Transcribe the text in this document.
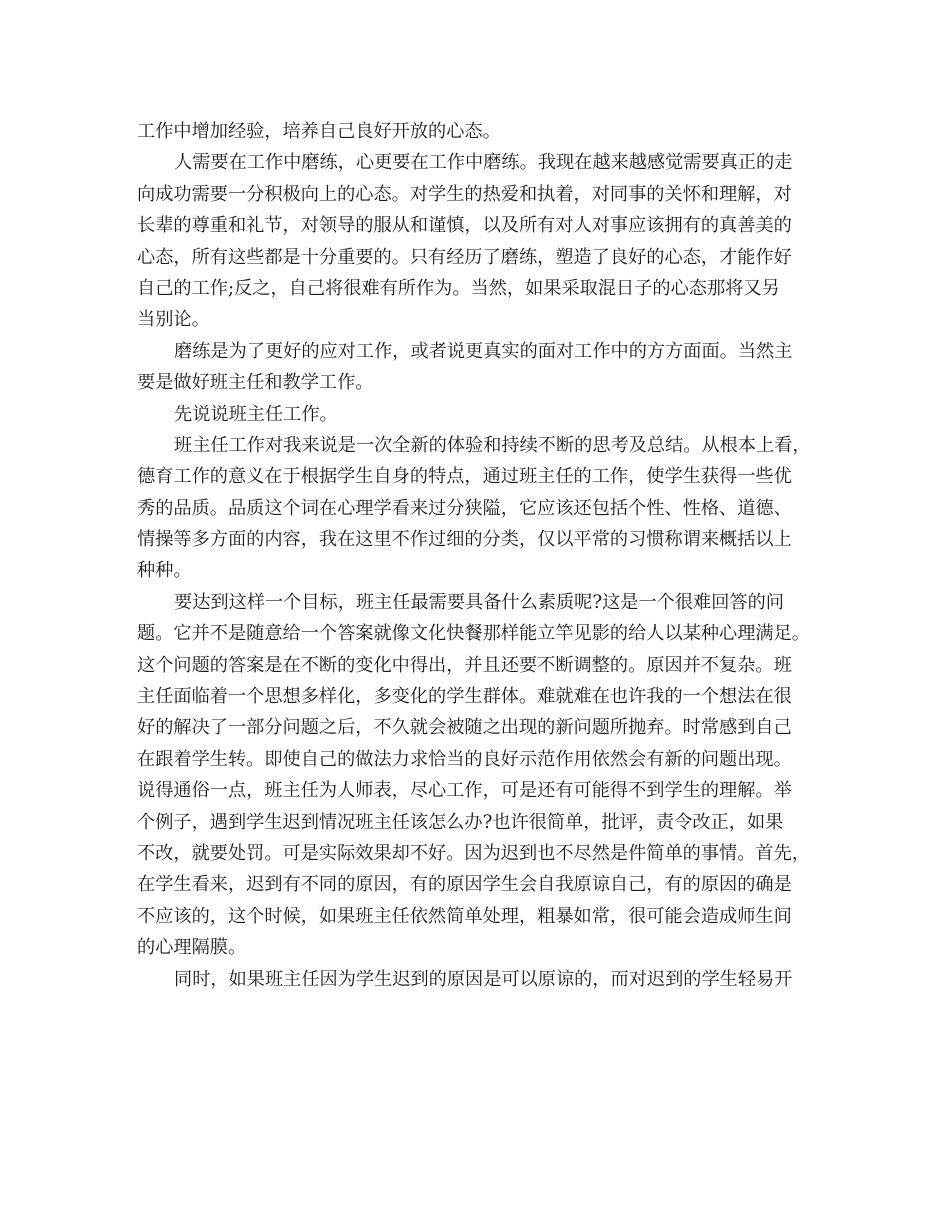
工作中增加经验，培养自己良好开放的心态。
人需要在工作中磨练，心更要在工作中磨练。我现在越来越感觉需要真正的走
向成功需要一分积极向上的心态。对学生的热爱和执着，对同事的关怀和理解，对
长辈的尊重和礼节，对领导的服从和谨慎，以及所有对人对事应该拥有的真善美的
心态，所有这些都是十分重要的。只有经历了磨练，塑造了良好的心态，才能作好
自己的工作;反之，自己将很难有所作为。当然，如果采取混日子的心态那将又另
当别论。
磨练是为了更好的应对工作，或者说更真实的面对工作中的方方面面。当然主
要是做好班主任和教学工作。
先说说班主任工作。
班主任工作对我来说是一次全新的体验和持续不断的思考及总结。从根本上看，
德育工作的意义在于根据学生自身的特点，通过班主任的工作，使学生获得一些优
秀的品质。品质这个词在心理学看来过分狭隘，它应该还包括个性、性格、道德、
情操等多方面的内容，我在这里不作过细的分类，仅以平常的习惯称谓来概括以上
种种。
要达到这样一个目标，班主任最需要具备什么素质呢?这是一个很难回答的问
题。它并不是随意给一个答案就像文化快餐那样能立竿见影的给人以某种心理满足。
这个问题的答案是在不断的变化中得出，并且还要不断调整的。原因并不复杂。班
主任面临着一个思想多样化，多变化的学生群体。难就难在也许我的一个想法在很
好的解决了一部分问题之后，不久就会被随之出现的新问题所抛弃。时常感到自己
在跟着学生转。即使自己的做法力求恰当的良好示范作用依然会有新的问题出现。
说得通俗一点，班主任为人师表，尽心工作，可是还有可能得不到学生的理解。举
个例子，遇到学生迟到情况班主任该怎么办?也许很简单，批评，责令改正，如果
不改，就要处罚。可是实际效果却不好。因为迟到也不尽然是件简单的事情。首先，
在学生看来，迟到有不同的原因，有的原因学生会自我原谅自己，有的原因的确是
不应该的，这个时候，如果班主任依然简单处理，粗暴如常，很可能会造成师生间
的心理隔膜。
同时，如果班主任因为学生迟到的原因是可以原谅的，而对迟到的学生轻易开
